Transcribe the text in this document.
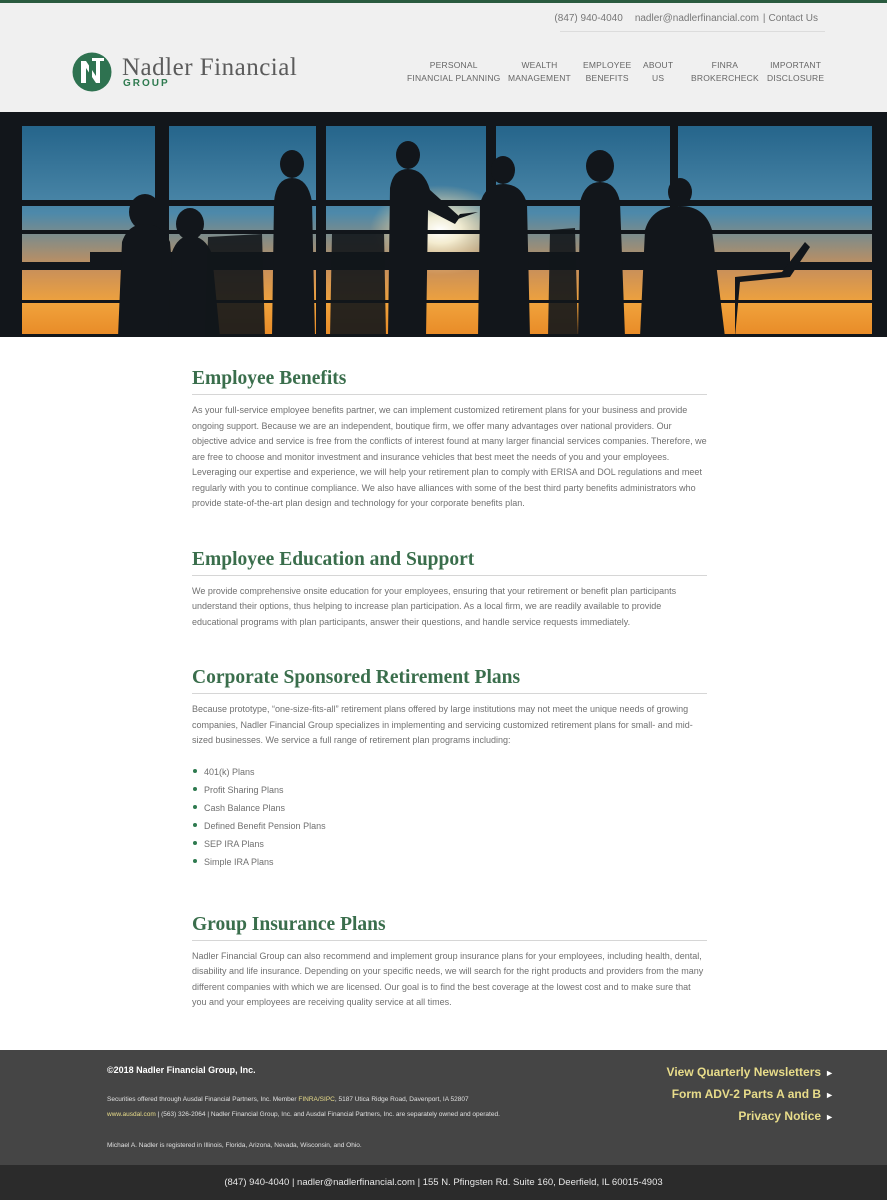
(847) 940-4040 nadler@nadlerfinancial.com | Contact Us
Nadler Financial
GROUP
PERSONAL
FINANCIAL PLANNING
WEALTH
MANAGEMENT
EMPLOYEE
BENEFITS
ABOUT
US
FINRA
BROKERCHECK
IMPORTANT
DISCLOSURE
Employee Benefits

As your full-service employee benefits partner, we can implement customized retirement plans for your business and provide ongoing support. Because we are an independent, boutique firm, we offer many advantages over national providers. Our objective advice and service is free from the conflicts of interest found at many larger financial services companies. Therefore, we are free to choose and monitor investment and insurance vehicles that best meet the needs of you and your employees. Leveraging our expertise and experience, we will help your retirement plan to comply with ERISA and DOL regulations and meet regularly with you to continue compliance. We also have alliances with some of the best third party benefits administrators who provide state-of-the-art plan design and technology for your corporate benefits plan.

Employee Education and Support

We provide comprehensive onsite education for your employees, ensuring that your retirement or benefit plan participants understand their options, thus helping to increase plan participation. As a local firm, we are readily available to provide educational programs with plan participants, answer their questions, and handle service requests immediately.

Corporate Sponsored Retirement Plans

Because prototype, “one-size-fits-all” retirement plans offered by large institutions may not meet the unique needs of growing companies, Nadler Financial Group specializes in implementing and servicing customized retirement plans for small- and mid-sized businesses. We service a full range of retirement plan programs including:

401(k) Plans
Profit Sharing Plans
Cash Balance Plans
Defined Benefit Pension Plans
SEP IRA Plans
Simple IRA Plans
Group Insurance Plans

Nadler Financial Group can also recommend and implement group insurance plans for your employees, including health, dental, disability and life insurance. Depending on your specific needs, we will search for the right products and providers from the many different companies with which we are licensed. Our goal is to find the best coverage at the lowest cost and to make sure that you and your employees are receiving quality service at all times.

©2018 Nadler Financial Group, Inc.
Securities offered through Ausdal Financial Partners, Inc. Member FINRA/SIPC, 5187 Utica Ridge Road, Davenport, IA 52807
www.ausdal.com | (563) 326-2064 | Nadler Financial Group, Inc. and Ausdal Financial Partners, Inc. are separately owned and operated.
Michael A. Nadler is registered in Illinois, Florida, Arizona, Nevada, Wisconsin, and Ohio.
View Quarterly Newsletters ►
Form ADV-2 Parts A and B ►
Privacy Notice ►
(847) 940-4040 | nadler@nadlerfinancial.com | 155 N. Pfingsten Rd. Suite 160, Deerfield, IL 60015-4903
